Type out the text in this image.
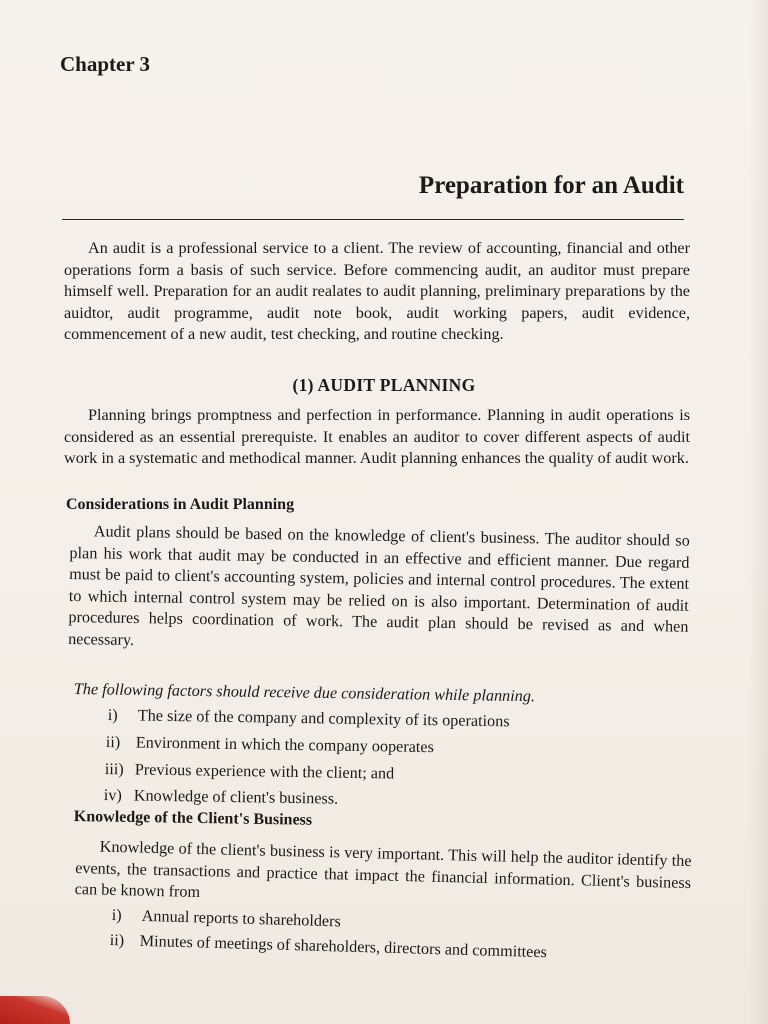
Chapter 3
Preparation for an Audit

An audit is a professional service to a client. The review of accounting, financial and other operations form a basis of such service. Before commencing audit, an auditor must prepare himself well. Preparation for an audit realates to audit planning, preliminary preparations by the auidtor, audit programme, audit note book, audit working papers, audit evidence, commencement of a new audit, test checking, and routine checking.

(1) AUDIT PLANNING

Planning brings promptness and perfection in performance. Planning in audit operations is considered as an essential prerequiste. It enables an auditor to cover different aspects of audit work in a systematic and methodical manner. Audit planning enhances the quality of audit work.

Considerations in Audit Planning

Audit plans should be based on the knowledge of client's business. The auditor should so plan his work that audit may be conducted in an effective and efficient manner. Due regard must be paid to client's accounting system, policies and internal control procedures. The extent to which internal control system may be relied on is also important. Determination of audit procedures helps coordination of work. The audit plan should be revised as and when necessary.

The following factors should receive due consideration while planning.
i) The size of the company and complexity of its operations
ii) Environment in which the company ooperates
iii) Previous experience with the client; and
iv) Knowledge of client's business.
Knowledge of the Client's Business

Knowledge of the client's business is very important. This will help the auditor identify the events, the transactions and practice that impact the financial information. Client's business can be known from

i) Annual reports to shareholders
ii) Minutes of meetings of shareholders, directors and committees
